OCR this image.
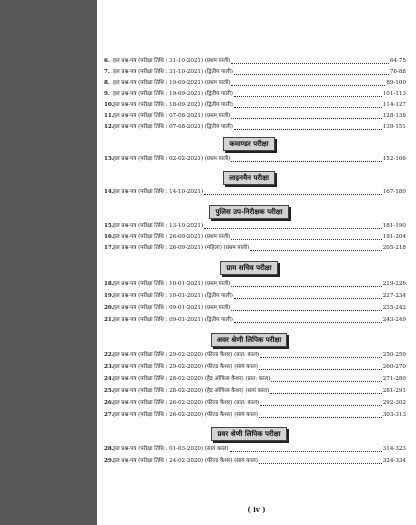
6. हल प्रश्न-पत्र (परीक्षा तिथि : 31-10-2021) (प्रथम पाली)	64-75
7. हल प्रश्न-पत्र (परीक्षा तिथि : 31-10-2021) (द्वितीय पाली)	76-88
8. हल प्रश्न-पत्र (परीक्षा तिथि : 19-09-2021) (प्रथम पाली)	89-100
9. हल प्रश्न-पत्र (परीक्षा तिथि : 19-09-2021) (द्वितीय पाली)	101-113
10. हल प्रश्न-पत्र (परीक्षा तिथि : 18-09-2021) (द्वितीय पाली)	114-127
11. हल प्रश्न-पत्र (परीक्षा तिथि : 07-08-2021) (प्रथम पाली)	128-138
12. हल प्रश्न-पत्र (परीक्षा तिथि : 07-08-2021) (द्वितीय पाली)	139-151
कमाण्डर परीक्षा
13. हल प्रश्न-पत्र (परीक्षा तिथि : 02-02-2021) (प्रथम पाली)	152-166
लाइनमैन परीक्षा
14. हल प्रश्न-पत्र (परीक्षा तिथि : 14-10-2021)	167-180
पुलिस उप-निरीक्षक परीक्षा
15. हल प्रश्न-पत्र (परीक्षा तिथि : 13-10-2021)	181-190
16. हल प्रश्न-पत्र (परीक्षा तिथि : 26-09-2021) (प्रथम पाली)	191-204
17. हल प्रश्न-पत्र (परीक्षा तिथि : 26-09-2021) (महिला) (प्रथम पाली)	205-218
ग्राम सचिव परीक्षा
18. हल प्रश्न-पत्र (परीक्षा तिथि : 10-01-2021) (प्रथम पाली)	219-226
19. हल प्रश्न-पत्र (परीक्षा तिथि : 10-01-2021) (द्वितीय पाली)	227-234
20. हल प्रश्न-पत्र (परीक्षा तिथि : 09-01-2021) (प्रथम पाली)	235-242
21. हल प्रश्न-पत्र (परीक्षा तिथि : 09-01-2021) (द्वितीय पाली)	243-249
अवर श्रेणी लिपिक परीक्षा
22. हल प्रश्न-पत्र (परीक्षा तिथि : 29-02-2020) (फील्ड कैशर) (प्रात: काल)	250-259
23. हल प्रश्न-पत्र (परीक्षा तिथि : 29-02-2020) (फील्ड कैशर) (सायं काल)	260-270
24. हल प्रश्न-पत्र (परीक्षा तिथि : 28-02-2020) (हैड ऑफिस कैशर) (प्रात: काल)	271-280
25. हल प्रश्न-पत्र (परीक्षा तिथि : 28-02-2020) (हैड ऑफिस कैशर) (सायं काल)	281-291
26. हल प्रश्न-पत्र (परीक्षा तिथि : 26-02-2020) (फील्ड कैशर) (प्रात: काल)	292-302
27. हल प्रश्न-पत्र (परीक्षा तिथि : 26-02-2020) (फील्ड कैशर) (सायं काल)	303-313
प्रवर श्रेणी लिपिक परीक्षा
28. हल प्रश्न-पत्र (परीक्षा तिथि : 01-03-2020) (सायं काल)	314-323
29. हल प्रश्न-पत्र (परीक्षा तिथि : 24-02-2020) (फील्ड कैशर) (सायं काल)	324-334
( iv )
